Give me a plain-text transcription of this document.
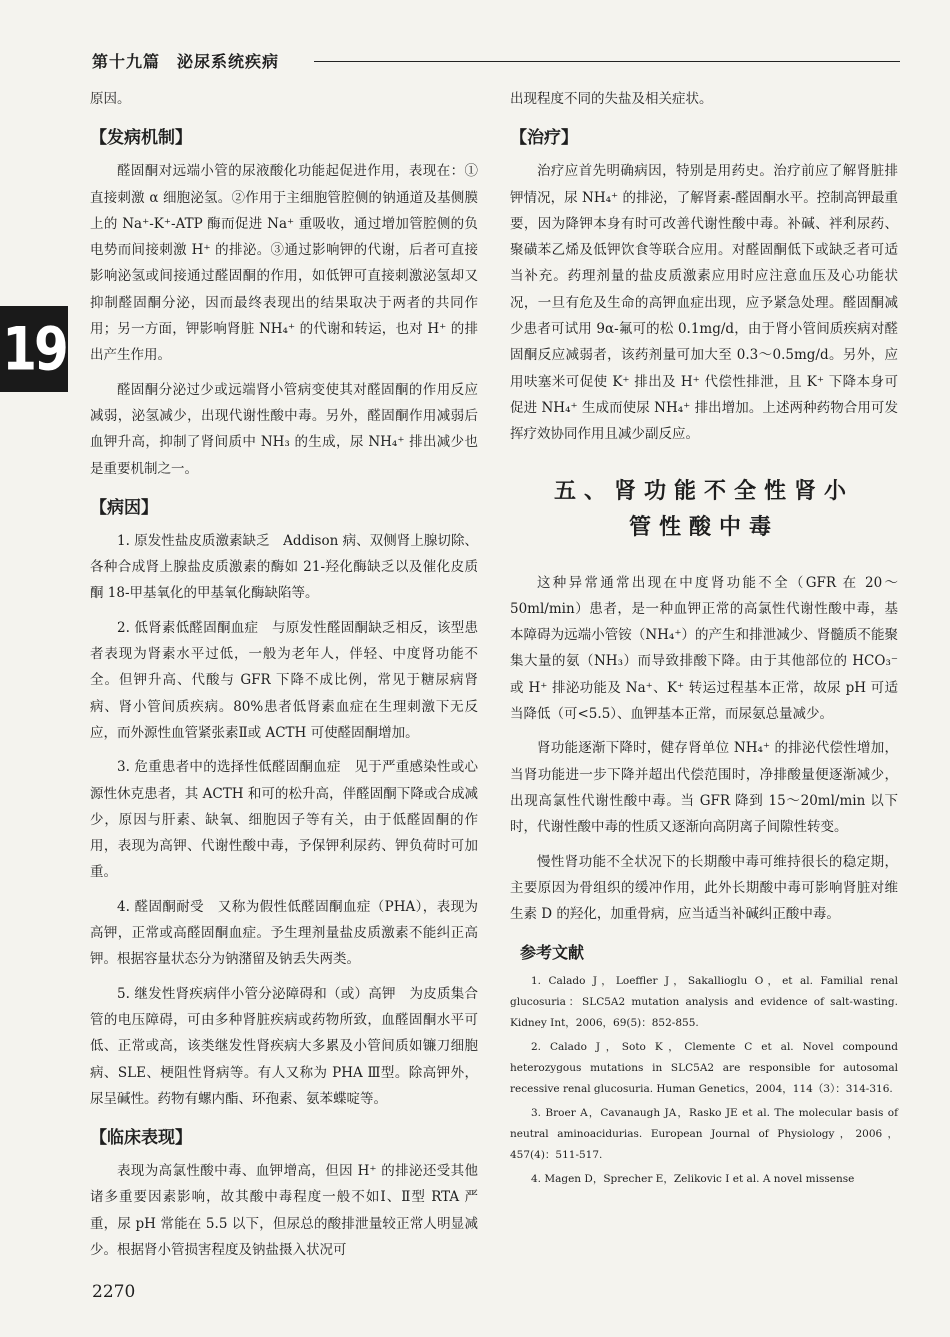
第十九篇　泌尿系统疾病
19

原因。

【发病机制】

醛固酮对远端小管的尿液酸化功能起促进作用，表现在：①直接刺激 α 细胞泌氢。②作用于主细胞管腔侧的钠通道及基侧膜上的 Na⁺-K⁺-ATP 酶而促进 Na⁺ 重吸收，通过增加管腔侧的负电势而间接刺激 H⁺ 的排泌。③通过影响钾的代谢，后者可直接影响泌氢或间接通过醛固酮的作用，如低钾可直接刺激泌氢却又抑制醛固酮分泌，因而最终表现出的结果取决于两者的共同作用；另一方面，钾影响肾脏 NH₄⁺ 的代谢和转运，也对 H⁺ 的排出产生作用。

醛固酮分泌过少或远端肾小管病变使其对醛固酮的作用反应减弱，泌氢减少，出现代谢性酸中毒。另外，醛固酮作用减弱后血钾升高，抑制了肾间质中 NH₃ 的生成，尿 NH₄⁺ 排出减少也是重要机制之一。

【病因】

1. 原发性盐皮质激素缺乏　Addison 病、双侧肾上腺切除、各种合成肾上腺盐皮质激素的酶如 21-羟化酶缺乏以及催化皮质酮 18-甲基氧化的甲基氧化酶缺陷等。

2. 低肾素低醛固酮血症　与原发性醛固酮缺乏相反，该型患者表现为肾素水平过低，一般为老年人，伴轻、中度肾功能不全。但钾升高、代酸与 GFR 下降不成比例，常见于糖尿病肾病、肾小管间质疾病。80%患者低肾素血症在生理刺激下无反应，而外源性血管紧张素Ⅱ或 ACTH 可使醛固酮增加。

3. 危重患者中的选择性低醛固酮血症　见于严重感染性或心源性休克患者，其 ACTH 和可的松升高，伴醛固酮下降或合成减少，原因与肝素、缺氧、细胞因子等有关，由于低醛固酮的作用，表现为高钾、代谢性酸中毒，予保钾利尿药、钾负荷时可加重。

4. 醛固酮耐受　又称为假性低醛固酮血症（PHA），表现为高钾，正常或高醛固酮血症。予生理剂量盐皮质激素不能纠正高钾。根据容量状态分为钠潴留及钠丢失两类。

5. 继发性肾疾病伴小管分泌障碍和（或）高钾　为皮质集合管的电压障碍，可由多种肾脏疾病或药物所致，血醛固酮水平可低、正常或高，该类继发性肾疾病大多累及小管间质如镰刀细胞病、SLE、梗阻性肾病等。有人又称为 PHA Ⅲ型。除高钾外，尿呈碱性。药物有螺内酯、环孢素、氨苯蝶啶等。

【临床表现】

表现为高氯性酸中毒、血钾增高，但因 H⁺ 的排泌还受其他诸多重要因素影响，故其酸中毒程度一般不如Ⅰ、Ⅱ型 RTA 严重，尿 pH 常能在 5.5 以下，但尿总的酸排泄量较正常人明显减少。根据肾小管损害程度及钠盐摄入状况可

出现程度不同的失盐及相关症状。

【治疗】

治疗应首先明确病因，特别是用药史。治疗前应了解肾脏排钾情况，尿 NH₄⁺ 的排泌，了解肾素-醛固酮水平。控制高钾最重要，因为降钾本身有时可改善代谢性酸中毒。补碱、袢利尿药、聚磺苯乙烯及低钾饮食等联合应用。对醛固酮低下或缺乏者可适当补充。药理剂量的盐皮质激素应用时应注意血压及心功能状况，一旦有危及生命的高钾血症出现，应予紧急处理。醛固酮减少患者可试用 9α-氟可的松 0.1mg/d，由于肾小管间质疾病对醛固酮反应减弱者，该药剂量可加大至 0.3～0.5mg/d。另外，应用呋塞米可促使 K⁺ 排出及 H⁺ 代偿性排泄，且 K⁺ 下降本身可促进 NH₄⁺ 生成而使尿 NH₄⁺ 排出增加。上述两种药物合用可发挥疗效协同作用且减少副反应。

五、肾功能不全性肾小
管性酸中毒

这种异常通常出现在中度肾功能不全（GFR 在 20～50ml/min）患者，是一种血钾正常的高氯性代谢性酸中毒，基本障碍为远端小管铵（NH₄⁺）的产生和排泄减少、肾髓质不能聚集大量的氨（NH₃）而导致排酸下降。由于其他部位的 HCO₃⁻ 或 H⁺ 排泌功能及 Na⁺、K⁺ 转运过程基本正常，故尿 pH 可适当降低（可<5.5）、血钾基本正常，而尿氨总量减少。

肾功能逐渐下降时，健存肾单位 NH₄⁺ 的排泌代偿性增加，当肾功能进一步下降并超出代偿范围时，净排酸量便逐渐减少，出现高氯性代谢性酸中毒。当 GFR 降到 15～20ml/min 以下时，代谢性酸中毒的性质又逐渐向高阴离子间隙性转变。

慢性肾功能不全状况下的长期酸中毒可维持很长的稳定期，主要原因为骨组织的缓冲作用，此外长期酸中毒可影响肾脏对维生素 D 的羟化，加重骨病，应当适当补碱纠正酸中毒。

参考文献

1. Calado J，Loeffler J，Sakallioglu O，et al. Familial renal glucosuria：SLC5A2 mutation analysis and evidence of salt-wasting. Kidney Int，2006，69(5)：852-855.

2. Calado J，Soto K，Clemente C et al. Novel compound heterozygous mutations in SLC5A2 are responsible for autosomal recessive renal glucosuria. Human Genetics，2004，114（3）：314-316.

3. Broer A，Cavanaugh JA，Rasko JE et al. The molecular basis of neutral aminoacidurias. European Journal of Physiology，2006，457(4)：511-517.

4. Magen D，Sprecher E，Zelikovic I et al. A novel missense

2270
